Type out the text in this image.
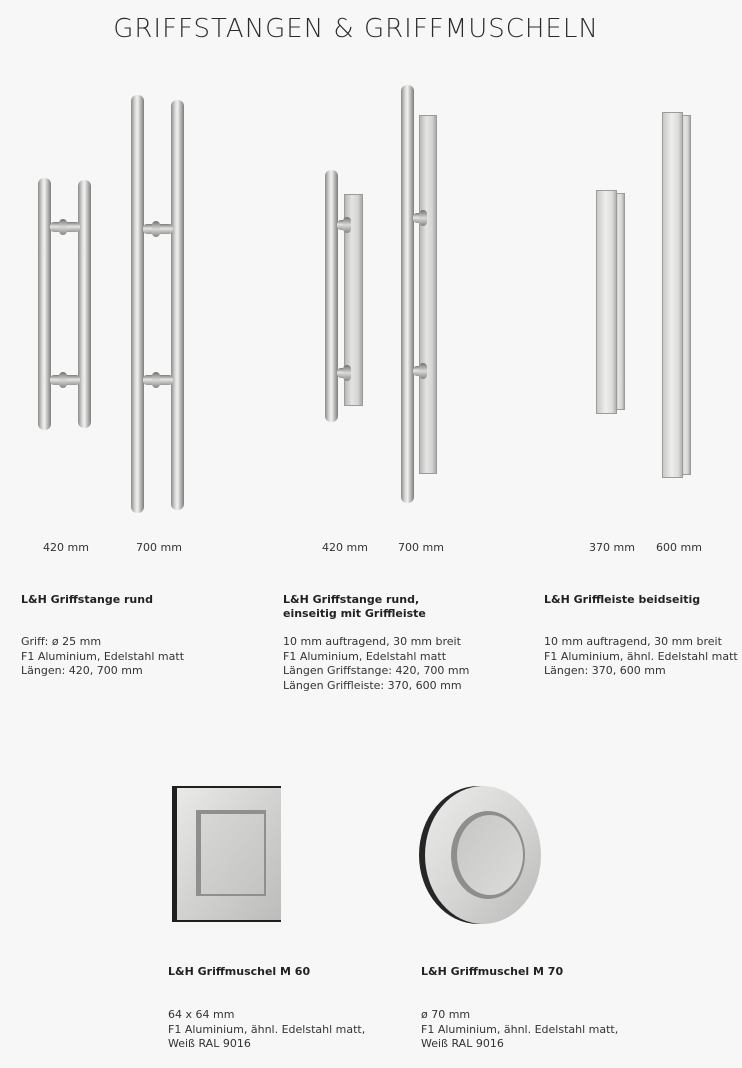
GRIFFSTANGEN & GRIFFMUSCHELN
420 mm	700 mm	420 mm	700 mm	370 mm 600 mm
L&H Griffstange rund
Griff: ø 25 mm
F1 Aluminium, Edelstahl matt
Längen: 420, 700 mm
L&H Griffstange rund,
einseitig mit Griffleiste
10 mm auftragend, 30 mm breit
F1 Aluminium, Edelstahl matt
Längen Griffstange: 420, 700 mm
Längen Griffleiste: 370, 600 mm
L&H Griffleiste beidseitig
10 mm auftragend, 30 mm breit
F1 Aluminium, ähnl. Edelstahl matt
Längen: 370, 600 mm
L&H Griffmuschel M 60
64 x 64 mm
F1 Aluminium, ähnl. Edelstahl matt,
Weiß RAL 9016
L&H Griffmuschel M 70
ø 70 mm
F1 Aluminium, ähnl. Edelstahl matt,
Weiß RAL 9016
